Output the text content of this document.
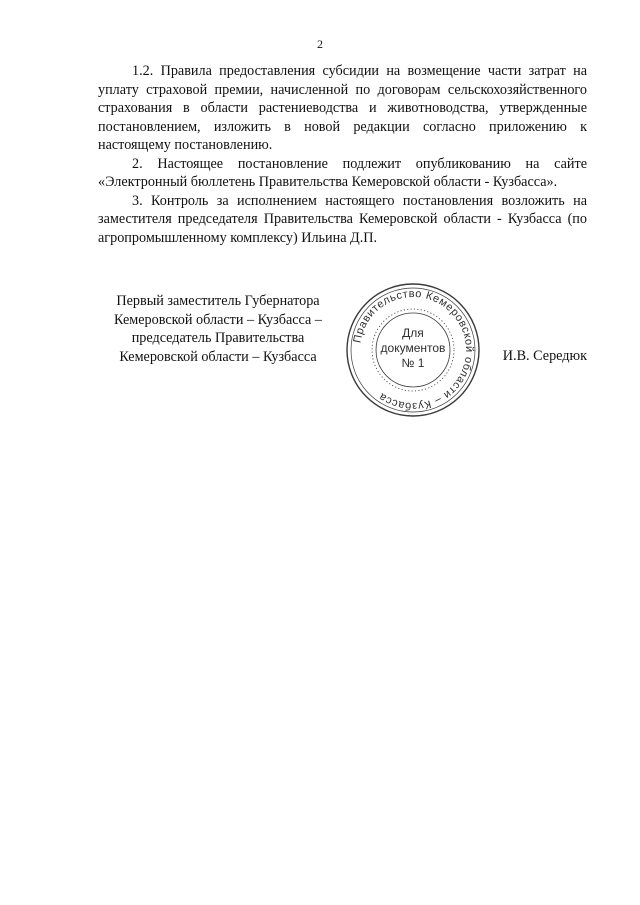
2

1.2. Правила предоставления субсидии на возмещение части затрат на уплату страховой премии, начисленной по договорам сельскохозяйственного страхования в области растениеводства и животноводства, утвержденные постановлением, изложить в новой редакции согласно приложению к настоящему постановлению.

2. Настоящее постановление подлежит опубликованию на сайте «Электронный бюллетень Правительства Кемеровской области - Кузбасса».

3. Контроль за исполнением настоящего постановления возложить на заместителя председателя Правительства Кемеровской области - Кузбасса (по агропромышленному комплексу) Ильина Д.П.

Первый заместитель Губернатора
Кемеровской области – Кузбасса –
председатель Правительства
Кемеровской области – Кузбасса
Правительство Кемеровской области – Кузбасса
Для
документов
№ 1	И.В. Середюк
